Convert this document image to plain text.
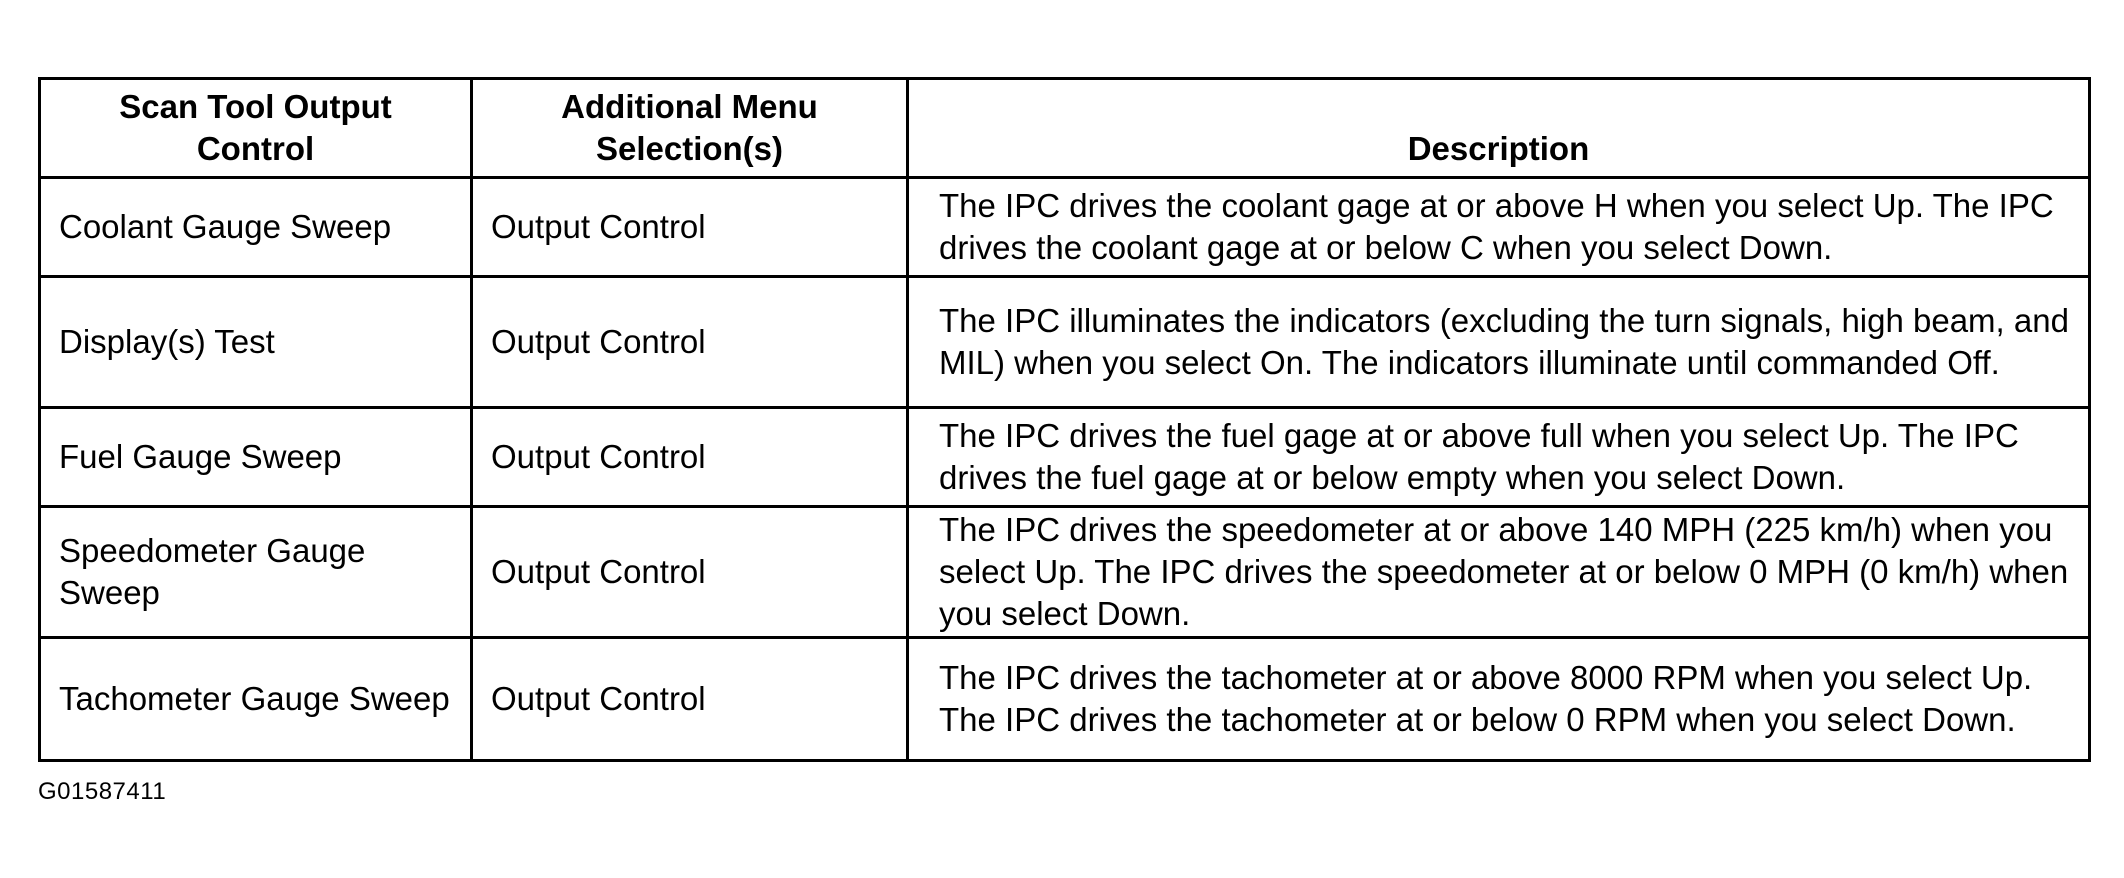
Scan Tool Output Control	Additional Menu Selection(s)	Description
Coolant Gauge Sweep	Output Control	The IPC drives the coolant gage at or above H when you select Up. The IPC drives the coolant gage at or below C when you select Down.
Display(s) Test	Output Control	The IPC illuminates the indicators (excluding the turn signals, high beam, and MIL) when you select On. The indicators illuminate until commanded Off.
Fuel Gauge Sweep	Output Control	The IPC drives the fuel gage at or above full when you select Up. The IPC drives the fuel gage at or below empty when you select Down.
Speedometer Gauge Sweep	Output Control	The IPC drives the speedometer at or above 140 MPH (225 km/h) when you select Up. The IPC drives the speedometer at or below 0 MPH (0 km/h) when you select Down.
Tachometer Gauge Sweep	Output Control	The IPC drives the tachometer at or above 8000 RPM when you select Up. The IPC drives the tachometer at or below 0 RPM when you select Down.
G01587411
